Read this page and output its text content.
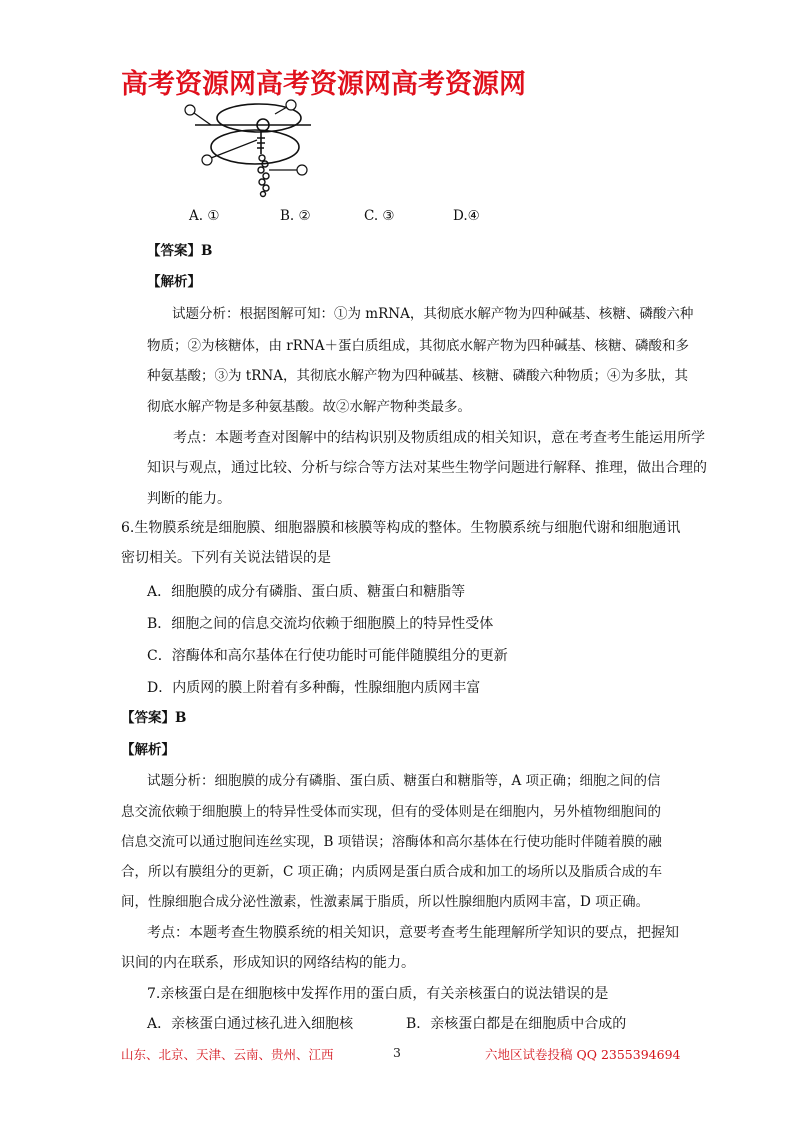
高考资源网高考资源网高考资源网
A. ①	B. ②	C. ③	D.④
【答案】B
【解析】
试题分析：根据图解可知：①为 mRNA，其彻底水解产物为四种碱基、核糖、磷酸六种
物质；②为核糖体，由 rRNA＋蛋白质组成，其彻底水解产物为四种碱基、核糖、磷酸和多
种氨基酸；③为 tRNA，其彻底水解产物为四种碱基、核糖、磷酸六种物质；④为多肽，其
彻底水解产物是多种氨基酸。故②水解产物种类最多。
考点：本题考查对图解中的结构识别及物质组成的相关知识，意在考查考生能运用所学
知识与观点，通过比较、分析与综合等方法对某些生物学问题进行解释、推理，做出合理的
判断的能力。
6.生物膜系统是细胞膜、细胞器膜和核膜等构成的整体。生物膜系统与细胞代谢和细胞通讯
密切相关。下列有关说法错误的是
A．细胞膜的成分有磷脂、蛋白质、糖蛋白和糖脂等
B．细胞之间的信息交流均依赖于细胞膜上的特异性受体
C．溶酶体和高尔基体在行使功能时可能伴随膜组分的更新
D．内质网的膜上附着有多种酶，性腺细胞内质网丰富
【答案】B
【解析】
试题分析：细胞膜的成分有磷脂、蛋白质、糖蛋白和糖脂等，A 项正确；细胞之间的信
息交流依赖于细胞膜上的特异性受体而实现，但有的受体则是在细胞内，另外植物细胞间的
信息交流可以通过胞间连丝实现，B 项错误；溶酶体和高尔基体在行使功能时伴随着膜的融
合，所以有膜组分的更新，C 项正确；内质网是蛋白质合成和加工的场所以及脂质合成的车
间，性腺细胞合成分泌性激素，性激素属于脂质，所以性腺细胞内质网丰富，D 项正确。
考点：本题考查生物膜系统的相关知识，意要考查考生能理解所学知识的要点，把握知
识间的内在联系，形成知识的网络结构的能力。
7.亲核蛋白是在细胞核中发挥作用的蛋白质，有关亲核蛋白的说法错误的是
A．亲核蛋白通过核孔进入细胞核	B．亲核蛋白都是在细胞质中合成的
山东、北京、天津、云南、贵州、江西	3	六地区试卷投稿 QQ 2355394694
